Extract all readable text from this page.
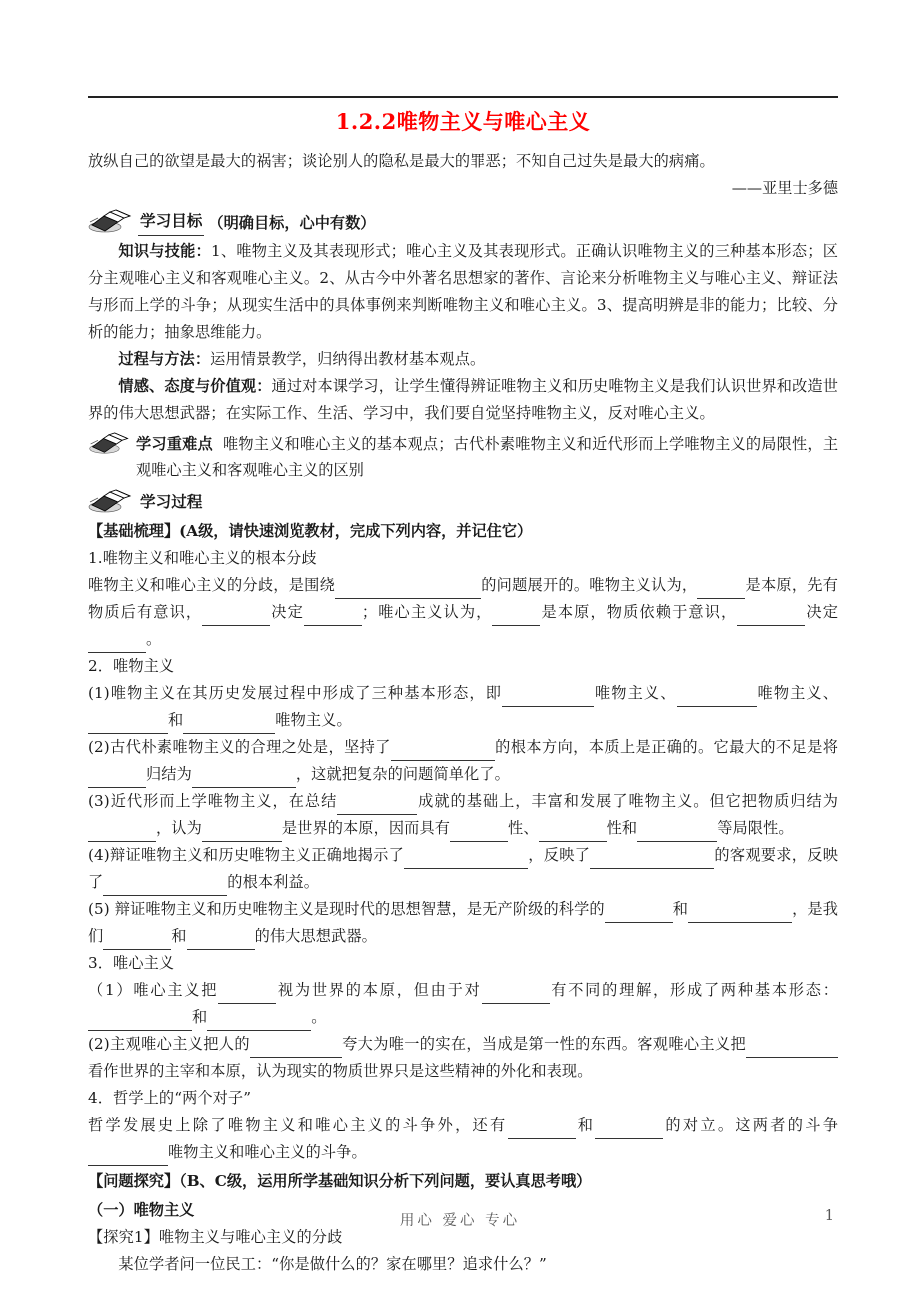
1.2.2唯物主义与唯心主义

放纵自己的欲望是最大的祸害；谈论别人的隐私是最大的罪恶；不知自己过失是最大的病痛。

——亚里士多德

学习目标 （明确目标，心中有数）

知识与技能：1、唯物主义及其表现形式；唯心主义及其表现形式。正确认识唯物主义的三种基本形态；区分主观唯心主义和客观唯心主义。2、从古今中外著名思想家的著作、言论来分析唯物主义与唯心主义、辩证法与形而上学的斗争；从现实生活中的具体事例来判断唯物主义和唯心主义。3、提高明辨是非的能力；比较、分析的能力；抽象思维能力。

过程与方法：运用情景教学，归纳得出教材基本观点。

情感、态度与价值观：通过对本课学习，让学生懂得辨证唯物主义和历史唯物主义是我们认识世界和改造世界的伟大思想武器；在实际工作、生活、学习中，我们要自觉坚持唯物主义，反对唯心主义。

学习重难点 唯物主义和唯心主义的基本观点；古代朴素唯物主义和近代形而上学唯物主义的局限性，主观唯心主义和客观唯心主义的区别
学习过程

【基础梳理】(A级，请快速浏览教材，完成下列内容，并记住它）

1.唯物主义和唯心主义的根本分歧

唯物主义和唯心主义的分歧，是围绕	的问题展开的。唯物主义认为，	是本原，先有物质后有意识，	决定	；唯心主义认为，	是本原，物质依赖于意识，	决定。

2．唯物主义

(1)唯物主义在其历史发展过程中形成了三种基本形态，即	唯物主义、	唯物主义、和	唯物主义。

(2)古代朴素唯物主义的合理之处是，坚持了	的根本方向，本质上是正确的。它最大的不足是将归结为	，这就把复杂的问题简单化了。

(3)近代形而上学唯物主义，在总结	成就的基础上，丰富和发展了唯物主义。但它把物质归结为，认为	是世界的本原，因而具有	性、	性和	等局限性。

(4)辩证唯物主义和历史唯物主义正确地揭示了	，反映了	的客观要求，反映了	的根本利益。

(5) 辩证唯物主义和历史唯物主义是现时代的思想智慧，是无产阶级的科学的	和	，是我们	和	的伟大思想武器。

3．唯心主义

（1）唯心主义把	视为世界的本原，但由于对	有不同的理解，形成了两种基本形态：和	。

(2)主观唯心主义把人的	夸大为唯一的实在，当成是第一性的东西。客观唯心主义把看作世界的主宰和本原，认为现实的物质世界只是这些精神的外化和表现。

4．哲学上的“两个对子”

哲学发展史上除了唯物主义和唯心主义的斗争外，还有	和	的对立。这两者的斗争唯物主义和唯心主义的斗争。

【问题探究】（B、C级，运用所学基础知识分析下列问题，要认真思考哦）

（一）唯物主义

【探究1】唯物主义与唯心主义的分歧

某位学者问一位民工：“你是做什么的？家在哪里？追求什么？”

用心 爱心 专心	1
